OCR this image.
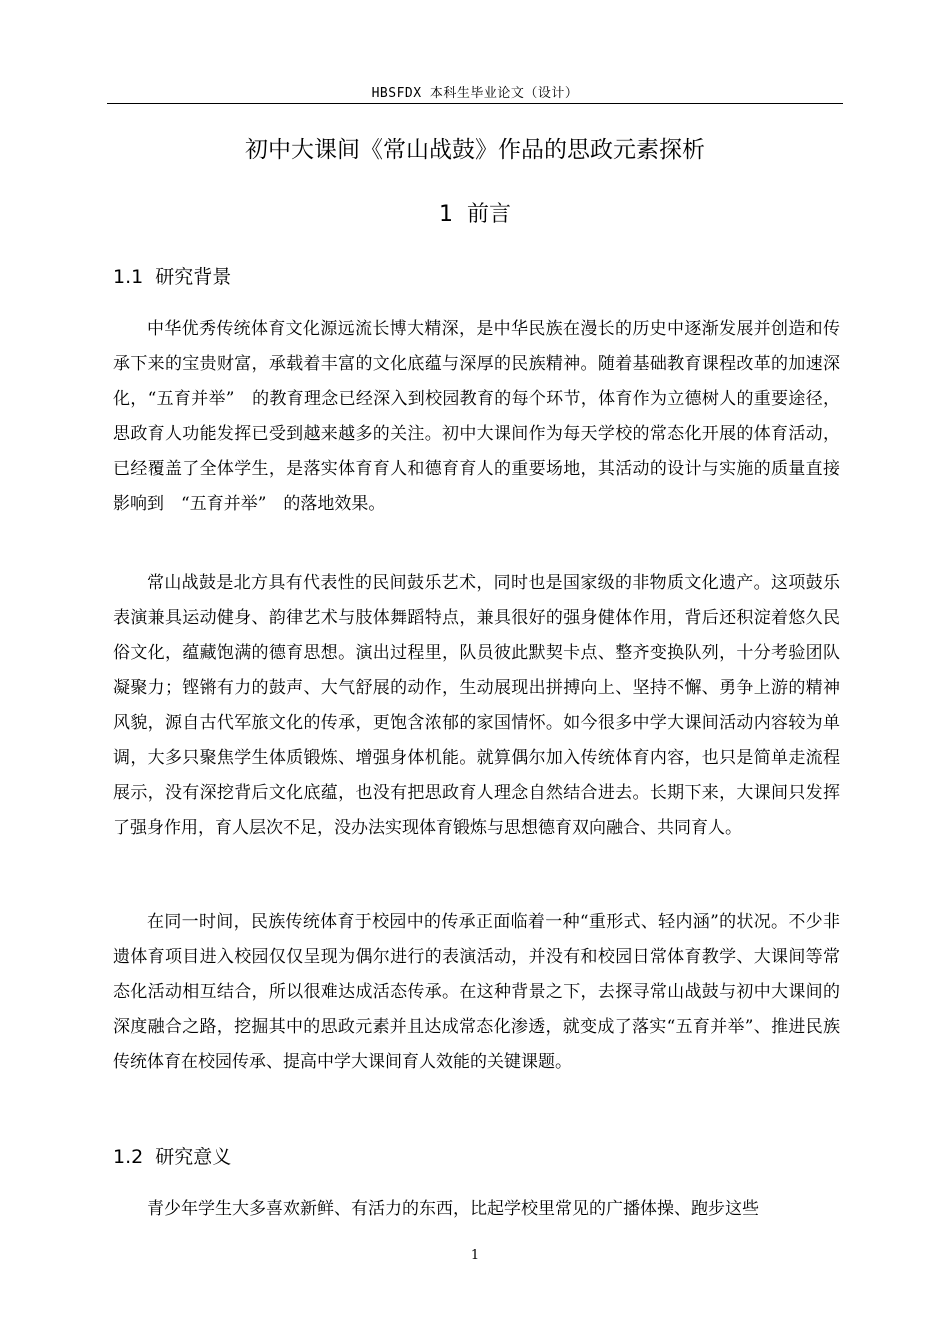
HBSFDX 本科生毕业论文（设计）
初中大课间《常山战鼓》作品的思政元素探析
1  前言
1.1 研究背景

中华优秀传统体育文化源远流长博大精深，是中华民族在漫长的历史中逐渐发展并创造和传承下来的宝贵财富，承载着丰富的文化底蕴与深厚的民族精神。随着基础教育课程改革的加速深化，“五育并举”　的教育理念已经深入到校园教育的每个环节，体育作为立德树人的重要途径，思政育人功能发挥已受到越来越多的关注。初中大课间作为每天学校的常态化开展的体育活动，已经覆盖了全体学生，是落实体育育人和德育育人的重要场地，其活动的设计与实施的质量直接影响到　“五育并举”　的落地效果。

常山战鼓是北方具有代表性的民间鼓乐艺术，同时也是国家级的非物质文化遗产。这项鼓乐表演兼具运动健身、韵律艺术与肢体舞蹈特点，兼具很好的强身健体作用，背后还积淀着悠久民俗文化，蕴藏饱满的德育思想。演出过程里，队员彼此默契卡点、整齐变换队列，十分考验团队凝聚力；铿锵有力的鼓声、大气舒展的动作，生动展现出拼搏向上、坚持不懈、勇争上游的精神风貌，源自古代军旅文化的传承，更饱含浓郁的家国情怀。如今很多中学大课间活动内容较为单调，大多只聚焦学生体质锻炼、增强身体机能。就算偶尔加入传统体育内容，也只是简单走流程展示，没有深挖背后文化底蕴，也没有把思政育人理念自然结合进去。长期下来，大课间只发挥了强身作用，育人层次不足，没办法实现体育锻炼与思想德育双向融合、共同育人。

在同一时间，民族传统体育于校园中的传承正面临着一种“重形式、轻内涵”的状况。不少非遗体育项目进入校园仅仅呈现为偶尔进行的表演活动，并没有和校园日常体育教学、大课间等常态化活动相互结合，所以很难达成活态传承。在这种背景之下，去探寻常山战鼓与初中大课间的深度融合之路，挖掘其中的思政元素并且达成常态化渗透，就变成了落实“五育并举”、推进民族传统体育在校园传承、提高中学大课间育人效能的关键课题。

1.2 研究意义

青少年学生大多喜欢新鲜、有活力的东西，比起学校里常见的广播体操、跑步这些

1
